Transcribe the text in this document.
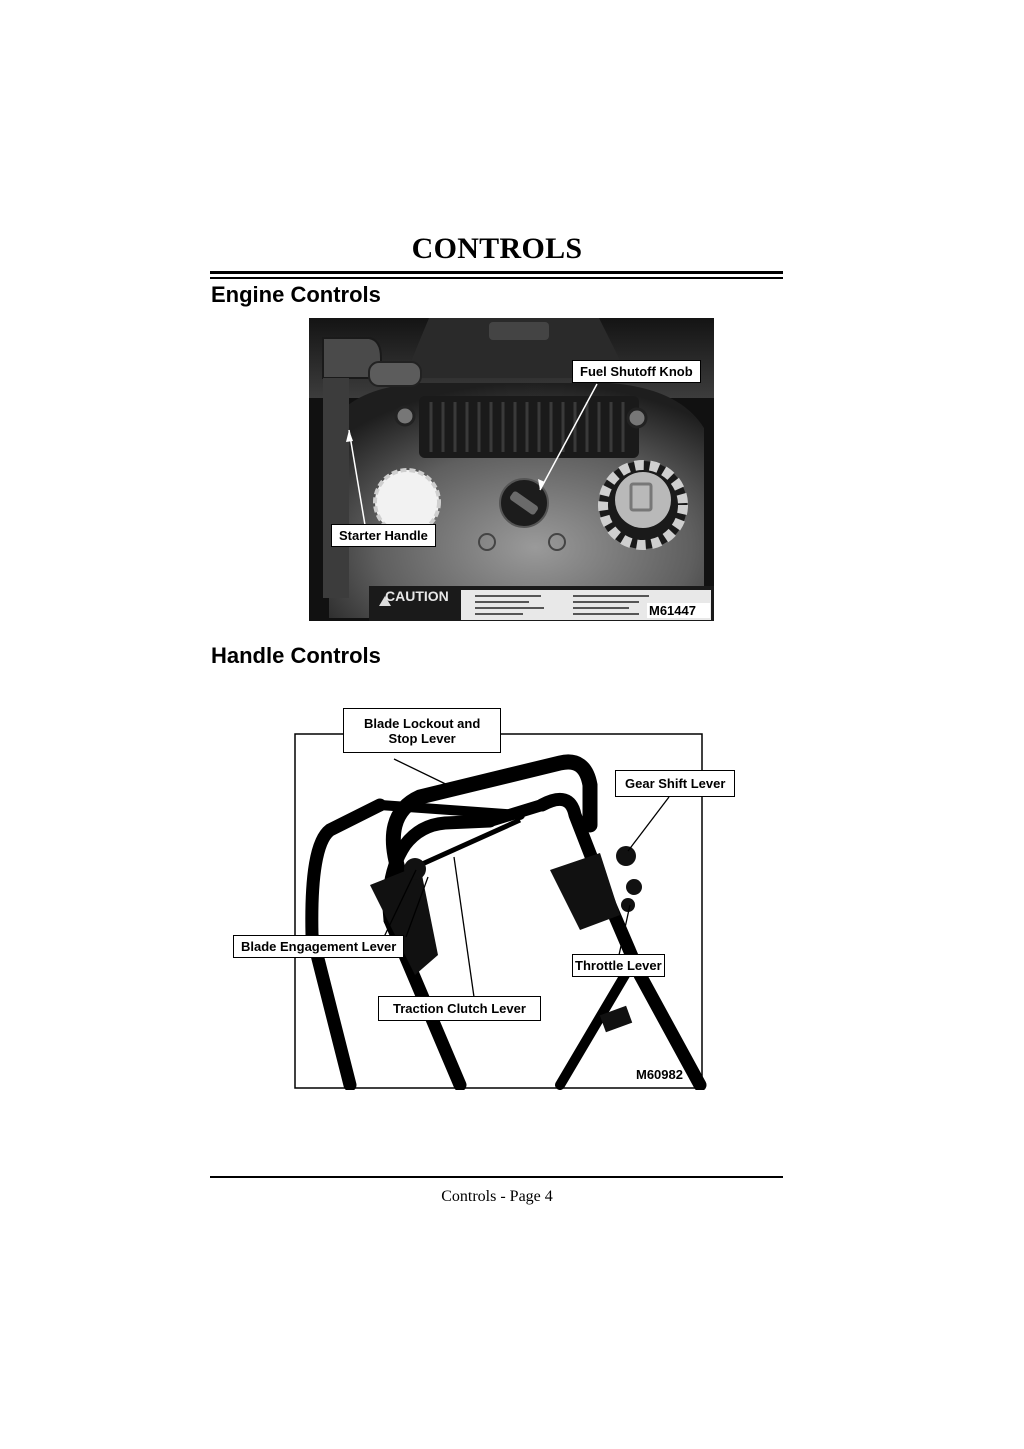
CONTROLS
Engine Controls
CAUTION
Fuel Shutoff Knob
Starter Handle
M61447
Handle Controls
Blade Lockout and
Stop Lever
Gear Shift Lever
Blade Engagement Lever
Throttle Lever
Traction Clutch Lever
M60982
Controls - Page 4
